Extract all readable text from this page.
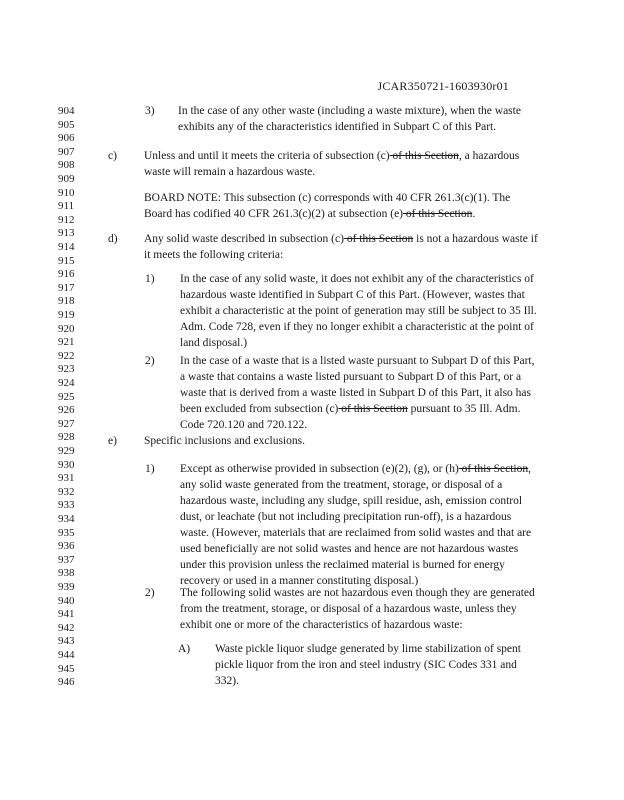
JCAR350721-1603930r01
904
905
906
907
908
909
910
911
912
913
914
915
916
917
918
919
920
921
922
923
924
925
926
927
928
929
930
931
932
933
934
935
936
937
938
939
940
941
942
943
944
945
946
3) In the case of any other waste (including a waste mixture), when the waste exhibits any of the characteristics identified in Subpart C of this Part.
c) Unless and until it meets the criteria of subsection (c) of this Section, a hazardous waste will remain a hazardous waste.
BOARD NOTE: This subsection (c) corresponds with 40 CFR 261.3(c)(1). The Board has codified 40 CFR 261.3(c)(2) at subsection (e) of this Section.
d) Any solid waste described in subsection (c) of this Section is not a hazardous waste if it meets the following criteria:
1) In the case of any solid waste, it does not exhibit any of the characteristics of hazardous waste identified in Subpart C of this Part. (However, wastes that exhibit a characteristic at the point of generation may still be subject to 35 Ill. Adm. Code 728, even if they no longer exhibit a characteristic at the point of land disposal.)
2) In the case of a waste that is a listed waste pursuant to Subpart D of this Part, a waste that contains a waste listed pursuant to Subpart D of this Part, or a waste that is derived from a waste listed in Subpart D of this Part, it also has been excluded from subsection (c) of this Section pursuant to 35 Ill. Adm. Code 720.120 and 720.122.
e) Specific inclusions and exclusions.
1) Except as otherwise provided in subsection (e)(2), (g), or (h) of this Section, any solid waste generated from the treatment, storage, or disposal of a hazardous waste, including any sludge, spill residue, ash, emission control dust, or leachate (but not including precipitation run-off), is a hazardous waste. (However, materials that are reclaimed from solid wastes and that are used beneficially are not solid wastes and hence are not hazardous wastes under this provision unless the reclaimed material is burned for energy recovery or used in a manner constituting disposal.)
2) The following solid wastes are not hazardous even though they are generated from the treatment, storage, or disposal of a hazardous waste, unless they exhibit one or more of the characteristics of hazardous waste:
A) Waste pickle liquor sludge generated by lime stabilization of spent pickle liquor from the iron and steel industry (SIC Codes 331 and 332).
